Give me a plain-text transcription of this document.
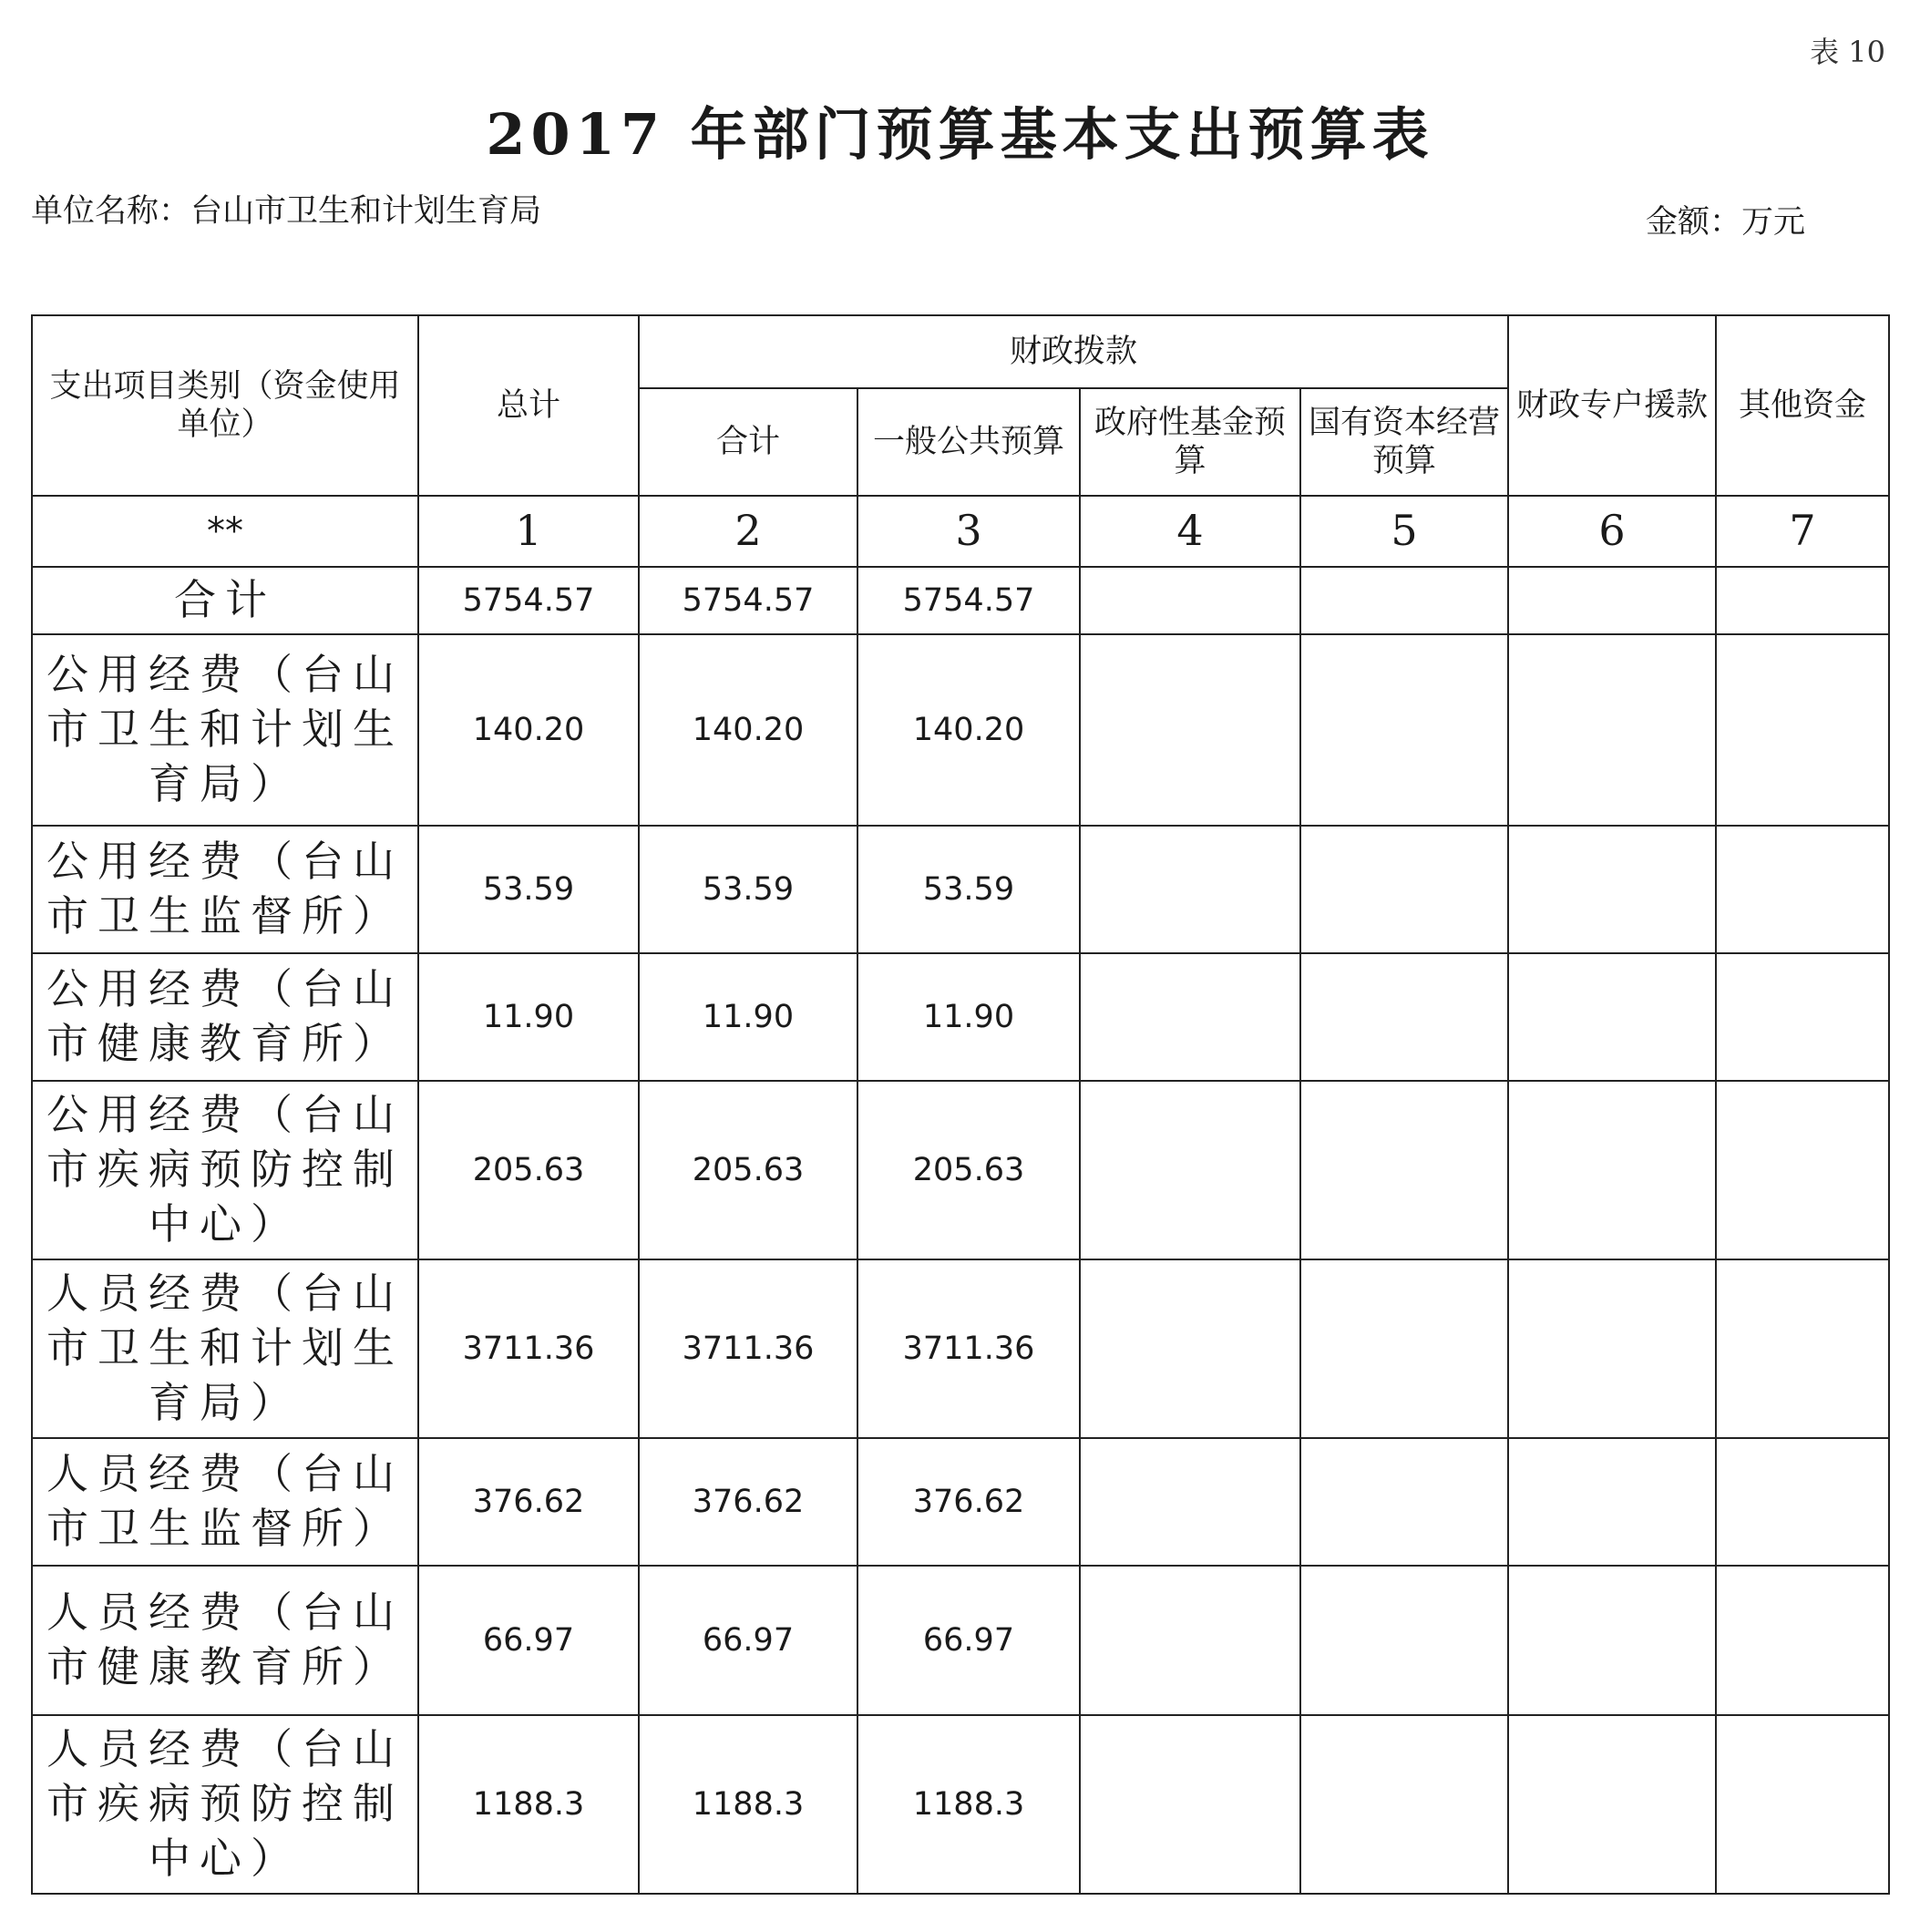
表 10
2017 年部门预算基本支出预算表
单位名称：台山市卫生和计划生育局	金额：万元
支出项目类别（资金使用单位）	总计	财政拨款				财政专户援款	其他资金
		合计	一般公共预算	政府性基金预算	国有资本经营预算		
**	1	2	3	4	5	6	7
合计	5754.57	5754.57	5754.57				
公用经费（台山市卫生和计划生育局）	140.20	140.20	140.20				
公用经费（台山市卫生监督所）	53.59	53.59	53.59				
公用经费（台山市健康教育所）	11.90	11.90	11.90				
公用经费（台山市疾病预防控制中心）	205.63	205.63	205.63				
人员经费（台山市卫生和计划生育局）	3711.36	3711.36	3711.36				
人员经费（台山市卫生监督所）	376.62	376.62	376.62				
人员经费（台山市健康教育所）	66.97	66.97	66.97				
人员经费（台山市疾病预防控制中心）	1188.3	1188.3	1188.3				
